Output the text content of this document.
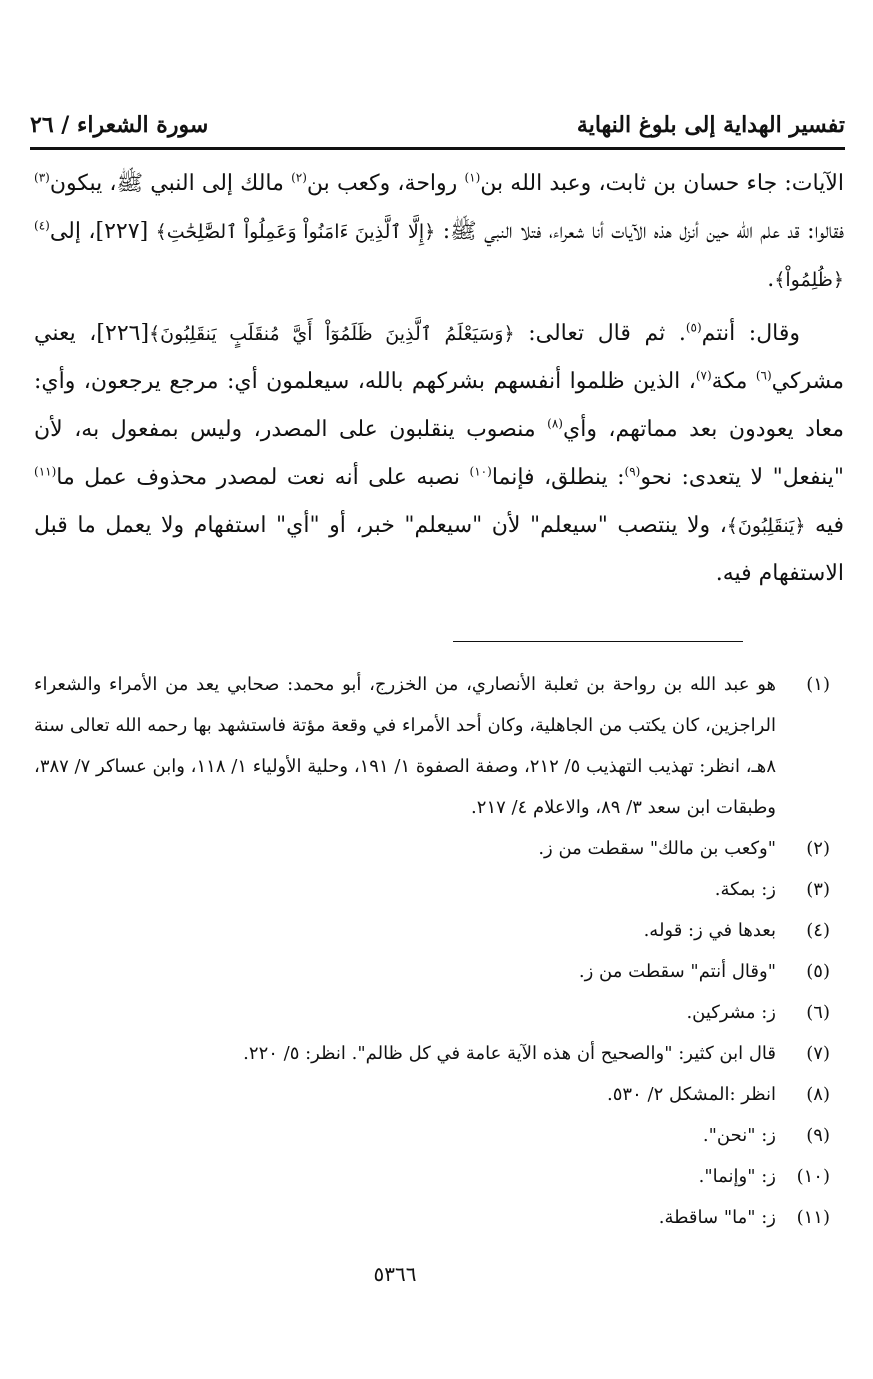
تفسير الهداية إلى بلوغ النهاية
سورة الشعراء / ٢٦

الآيات: جاء حسان بن ثابت، وعبد الله بن$^{(١)}$ رواحة، وكعب بن$^{(٢)}$ مالك إلى النبي ﷺ، يبكون$^{(٣)}$ فقالوا: قد علم الله حين أنزل هذه الآيات أنا شعراء، فتلا النبي ﷺ: ﴿إِلَّا ٱلَّذِينَ ءَامَنُواْ وَعَمِلُواْ ٱلصَّٰلِحَٰتِ﴾ [٢٢٧]، إلى$^{(٤)}$ ﴿ظُلِمُواْ﴾.

وقال: أنتم$^{(٥)}$. ثم قال تعالى: ﴿وَسَيَعْلَمُ ٱلَّذِينَ ظَلَمُوٓاْ أَيَّ مُنقَلَبٍ يَنقَلِبُونَ﴾[٢٢٦]، يعني مشركي$^{(٦)}$ مكة$^{(٧)}$، الذين ظلموا أنفسهم بشركهم بالله، سيعلمون أي: مرجع يرجعون، وأي: معاد يعودون بعد مماتهم، وأي$^{(٨)}$ منصوب ينقلبون على المصدر، وليس بمفعول به، لأن "ينفعل" لا يتعدى: نحو$^{(٩)}$: ينطلق، فإنما$^{(١٠)}$ نصبه على أنه نعت لمصدر محذوف عمل ما$^{(١١)}$ فيه ﴿يَنقَلِبُونَ﴾، ولا ينتصب "سيعلم" لأن "سيعلم" خبر، أو "أي" استفهام ولا يعمل ما قبل الاستفهام فيه.

(١)
هو عبد الله بن رواحة بن ثعلبة الأنصاري، من الخزرج، أبو محمد: صحابي يعد من الأمراء والشعراء الراجزين، كان يكتب من الجاهلية، وكان أحد الأمراء في وقعة مؤتة فاستشهد بها رحمه الله تعالى سنة ٨هـ، انظر: تهذيب التهذيب ٥/ ٢١٢، وصفة الصفوة ١/ ١٩١، وحلية الأولياء ١/ ١١٨، وابن عساكر ٧/ ٣٨٧، وطبقات ابن سعد ٣/ ٨٩، والاعلام ٤/ ٢١٧.
(٢)
"وكعب بن مالك" سقطت من ز.
(٣)
ز: بمكة.
(٤)
بعدها في ز: قوله.
(٥)
"وقال أنتم" سقطت من ز.
(٦)
ز: مشركين.
(٧)
قال ابن كثير: "والصحيح أن هذه الآية عامة في كل ظالم". انظر: ٥/ ٢٢٠.
(٨)
انظر :المشكل ٢/ ٥٣٠.
(٩)
ز: "نحن".
(١٠)
ز: "وإنما".
(١١)
ز: "ما" ساقطة.
٥٣٦٦
